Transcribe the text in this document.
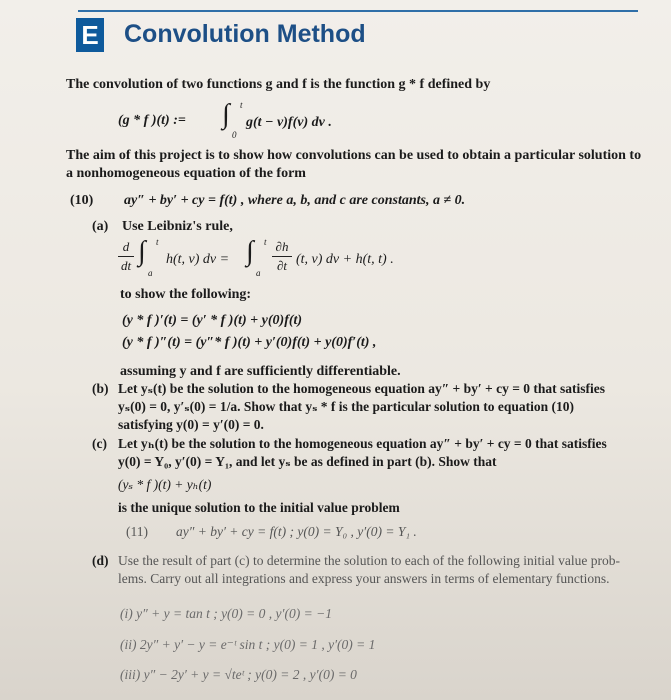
E Convolution Method
The convolution of two functions g and f is the function g * f defined by
(g * f )(t) := ∫ t
0
g(t − v)f(v) dv .
The aim of this project is to show how convolutions can be used to obtain a particular solution to
a nonhomogeneous equation of the form
(10) ay″ + by′ + cy = f(t) , where a, b, and c are constants, a ≠ 0.
(a) Use Leibniz's rule,
d
dt ∫ t
a
h(t, v) dv = ∫ t
a
∂h
∂t (t, v) dv + h(t, t) .
to show the following:
(y * f )′(t) = (y′ * f )(t) + y(0)f(t)
(y * f )″(t) = (y″* f )(t) + y′(0)f(t) + y(0)f′(t) ,
assuming y and f are sufficiently differentiable.
(b) Let yₛ(t) be the solution to the homogeneous equation ay″ + by′ + cy = 0 that satisfies
yₛ(0) = 0, y′ₛ(0) = 1/a. Show that yₛ * f is the particular solution to equation (10)
satisfying y(0) = y′(0) = 0.
(c) Let yₕ(t) be the solution to the homogeneous equation ay″ + by′ + cy = 0 that satisfies
y(0) = Y₀, y′(0) = Y₁, and let yₛ be as defined in part (b). Show that
(yₛ * f )(t) + yₕ(t)
is the unique solution to the initial value problem
(11) ay″ + by′ + cy = f(t) ; y(0) = Y₀ , y′(0) = Y₁ .
(d) Use the result of part (c) to determine the solution to each of the following initial value prob-
lems. Carry out all integrations and express your answers in terms of elementary functions.
(i) y″ + y = tan t ; y(0) = 0 , y′(0) = −1
(ii) 2y″ + y′ − y = e⁻ᵗ sin t ; y(0) = 1 , y′(0) = 1
(iii) y″ − 2y′ + y = √teᵗ ; y(0) = 2 , y′(0) = 0
